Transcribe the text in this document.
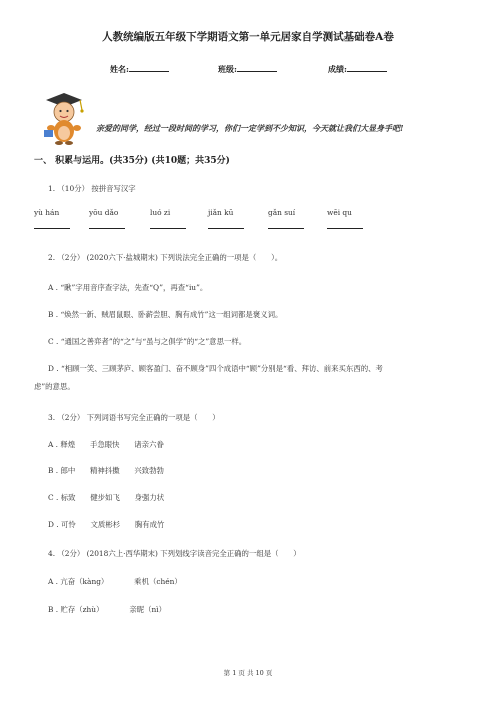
人教统编版五年级下学期语文第一单元居家自学测试基础卷A卷
姓名:	班级:	成绩:
亲爱的同学，经过一段时间的学习，你们一定学到不少知识，今天就让我们大显身手吧!
一、 积累与运用。(共35分) (共10题；共35分)
1. （10分） 按拼音写汉字
yù hán	yōu dǎo	luó zi	jiǎn kū	gǎn suí	wēi qu
2. （2分） (2020六下·盐城期末) 下列说法完全正确的一项是（　　）。
A . “瞅”字用音序查字法，先查“Q”，再查“iu”。
B . “焕然一新、贼眉鼠眼、卧薪尝胆、胸有成竹”这一组词都是褒义词。
C . “通国之善弈者”的“之”与“虽与之俱学”的“之”意思一样。
D . “相顾一笑、三顾茅庐、顾客盈门、奋不顾身”四个成语中“顾”分别是“看、拜访、前来买东西的、考
虑”的意思。
3. （2分） 下列词语书写完全正确的一项是（　　）
A . 释煌　　手急眼快　　诸亲六眷
B . 郎中　　精神抖擞　　兴致勃勃
C . 标致　　健步如飞　　身强力状
D . 可怜　　文质彬杉　　胸有成竹
4. （2分） (2018六上·西华期末) 下列划线字读音完全正确的一组是（　　）
A . 亢奋（kàng）　　　　乘机（chén）
B . 贮存（zhù）　　　　亲昵（nì）
第 1 页 共 10 页
